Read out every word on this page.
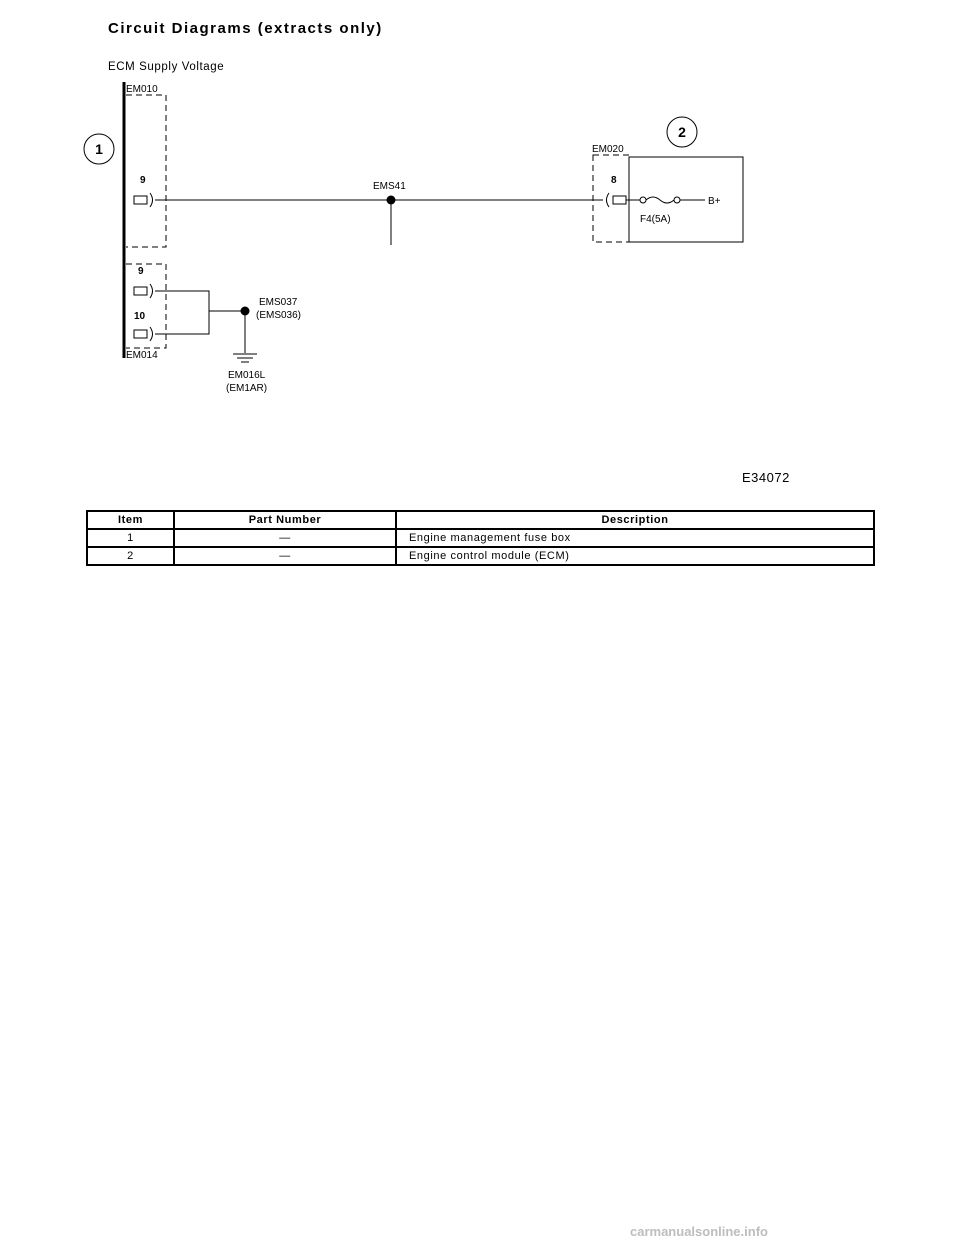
Circuit Diagrams (extracts only)
ECM Supply Voltage
EM010
EM014
1
9
EMS41
9
10
EMS037
(EMS036)
EM016L
(EM1AR)
2
EM020
8
B+
F4(5A)
E34072
Item	Part Number	Description
1	—	Engine management fuse box
2	—	Engine control module (ECM)
carmanualsonline.info
